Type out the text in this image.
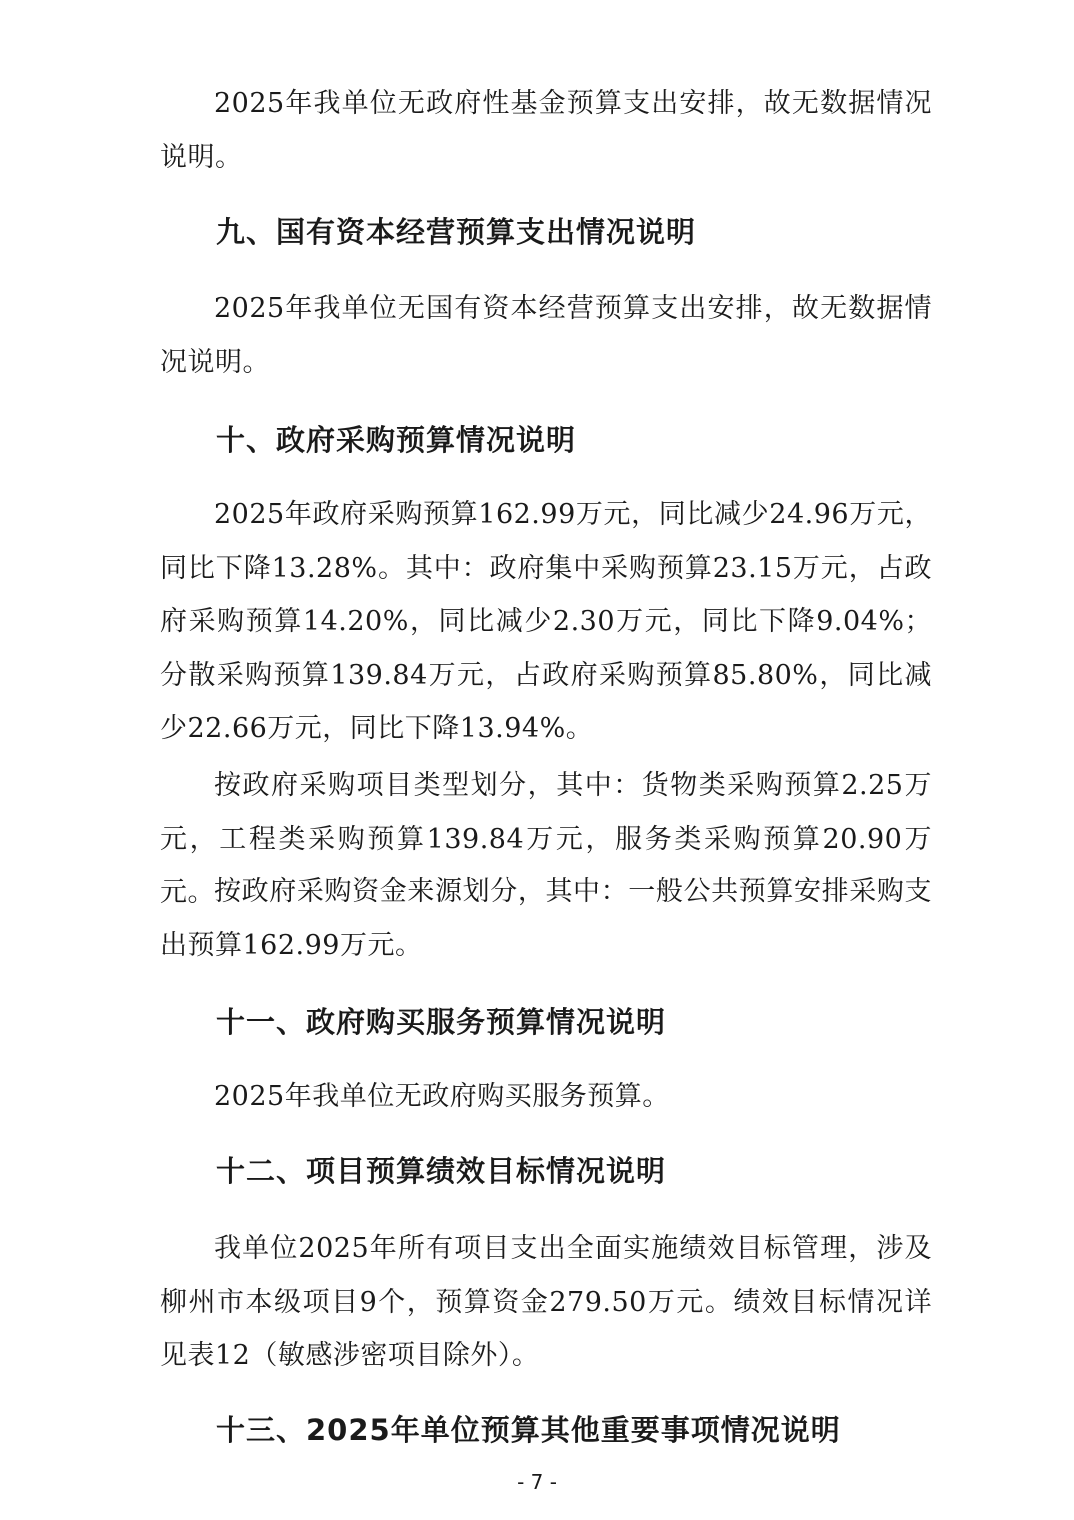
2025年我单位无政府性基金预算支出安排，故无数据情况说明。

九、国有资本经营预算支出情况说明

2025年我单位无国有资本经营预算支出安排，故无数据情况说明。

十、政府采购预算情况说明

2025年政府采购预算162.99万元，同比减少24.96万元，同比下降13.28%。其中：政府集中采购预算23.15万元，占政府采购预算14.20%，同比减少2.30万元，同比下降9.04%；分散采购预算139.84万元，占政府采购预算85.80%，同比减少22.66万元，同比下降13.94%。

按政府采购项目类型划分，其中：货物类采购预算2.25万元，工程类采购预算139.84万元，服务类采购预算20.90万元。 按政府采购资金来源划分，其中：一般公共预算安排采购支出预算162.99万元。

十一、政府购买服务预算情况说明

2025年我单位无政府购买服务预算。

十二、项目预算绩效目标情况说明

我单位2025年所有项目支出全面实施绩效目标管理，涉及柳州市本级项目9个，预算资金279.50万元。绩效目标情况详见表12（敏感涉密项目除外）。

十三、2025年单位预算其他重要事项情况说明
- 7 -
